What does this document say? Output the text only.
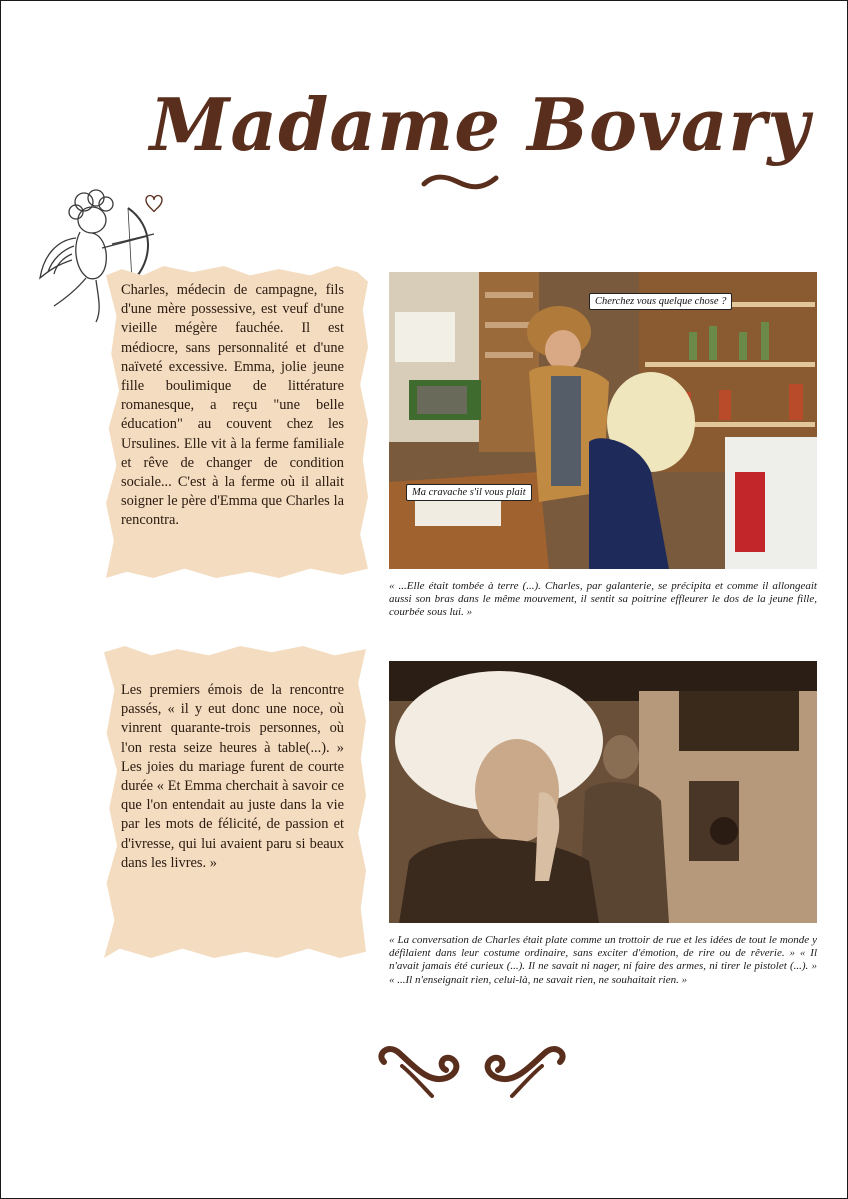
Madame Bovary

Charles, médecin de campagne, fils d'une mère possessive, est veuf d'une vieille mégère fauchée. Il est médiocre, sans personnalité et d'une naïveté excessive. Emma, jolie jeune fille boulimique de littérature romanesque, a reçu "une belle éducation" au couvent chez les Ursulines. Elle vit à la ferme familiale et rêve de changer de condition sociale... C'est à la ferme où il allait soigner le père d'Emma que Charles la rencontra.

Cherchez vous quelque chose ?
Ma cravache s'il vous plait

« ...Elle était tombée à terre (...). Charles, par galanterie, se précipita et comme il allongeait aussi son bras dans le même mouvement, il sentit sa poitrine effleurer le dos de la jeune fille, courbée sous lui. »

Les premiers émois de la rencontre passés, « il y eut donc une noce, où vinrent quarante-trois personnes, où l'on resta seize heures à table(...). » Les joies du mariage furent de courte durée « Et Emma cherchait à savoir ce que l'on entendait au juste dans la vie par les mots de félicité, de passion et d'ivresse, qui lui avaient paru si beaux dans les livres. »

« La conversation de Charles était plate comme un trottoir de rue et les idées de tout le monde y défilaient dans leur costume ordinaire, sans exciter d'émotion, de rire ou de rêverie. » « Il n'avait jamais été curieux (...). Il ne savait ni nager, ni faire des armes, ni tirer le pistolet (...). » « ...Il n'enseignait rien, celui-là, ne savait rien, ne souhaitait rien. »
